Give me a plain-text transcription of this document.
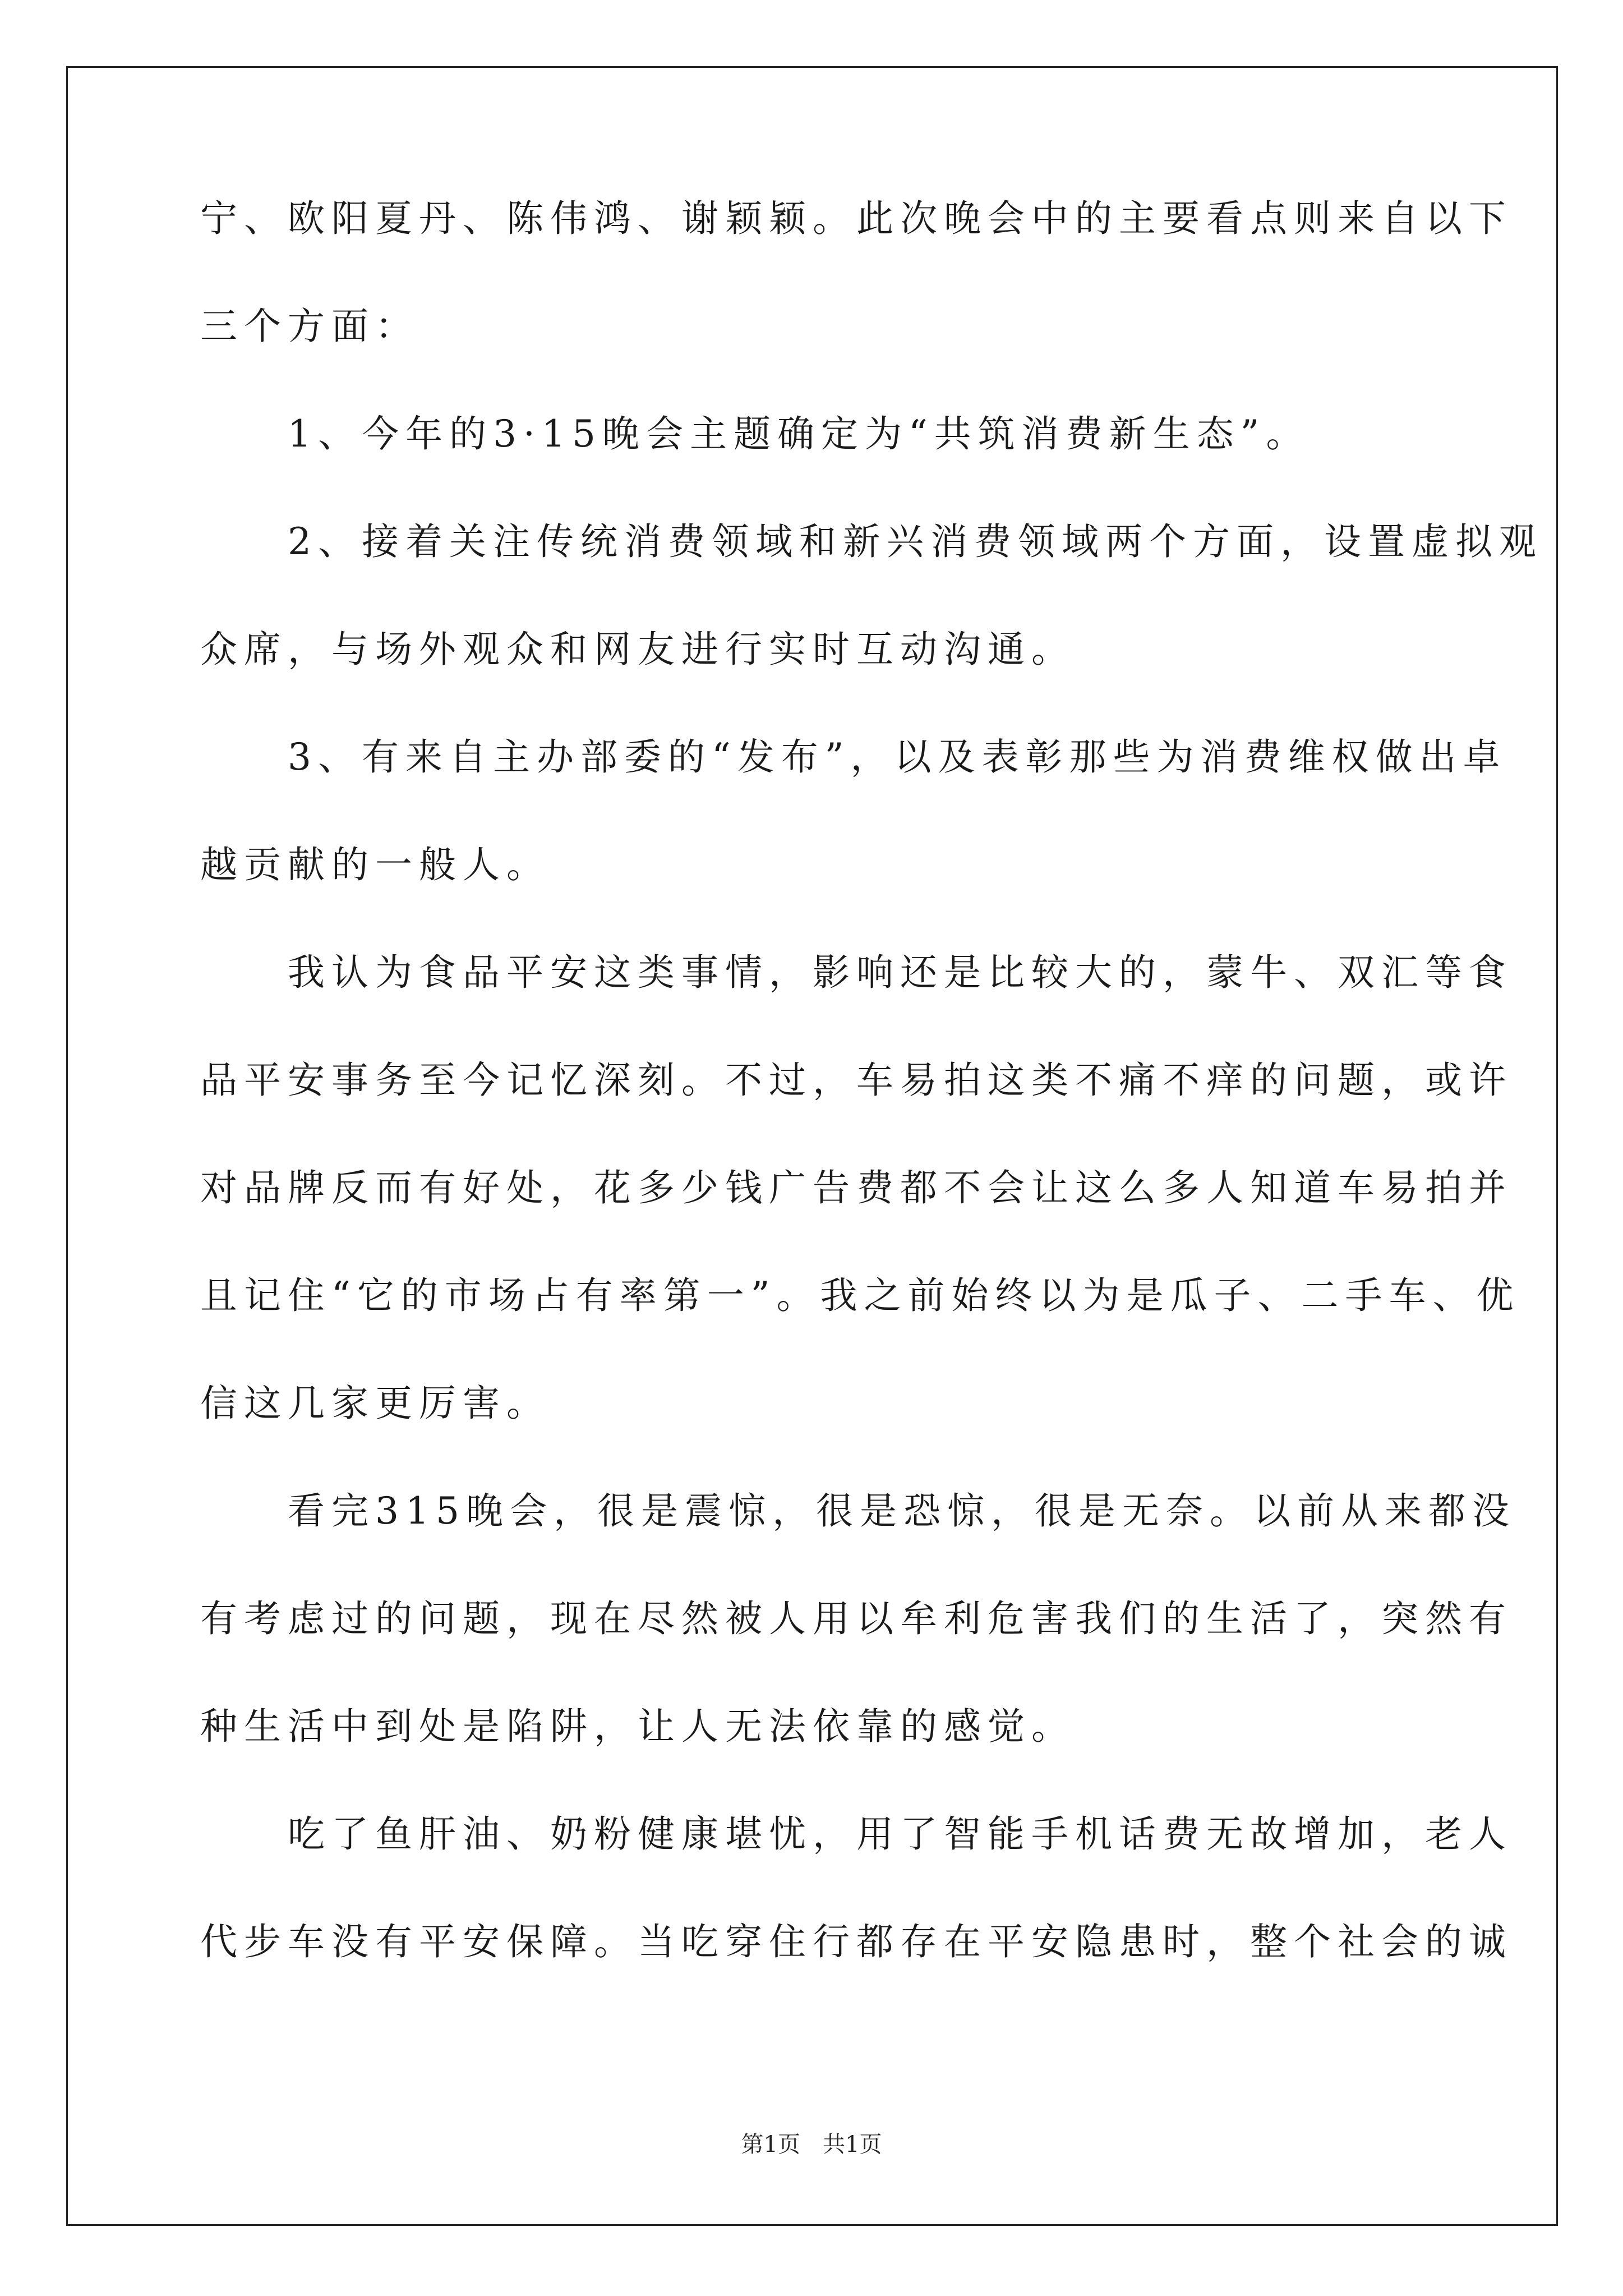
宁、欧阳夏丹、陈伟鸿、谢颖颖。此次晚会中的主要看点则来自以下
三个方面：
　　1、今年的3·15晚会主题确定为“共筑消费新生态”。
　　2、接着关注传统消费领域和新兴消费领域两个方面，设置虚拟观
众席，与场外观众和网友进行实时互动沟通。
　　3、有来自主办部委的“发布”，以及表彰那些为消费维权做出卓
越贡献的一般人。
　　我认为食品平安这类事情，影响还是比较大的，蒙牛、双汇等食
品平安事务至今记忆深刻。不过，车易拍这类不痛不痒的问题，或许
对品牌反而有好处，花多少钱广告费都不会让这么多人知道车易拍并
且记住“它的市场占有率第一”。我之前始终以为是瓜子、二手车、优
信这几家更厉害。
　　看完315晚会，很是震惊，很是恐惊，很是无奈。以前从来都没
有考虑过的问题，现在尽然被人用以牟利危害我们的生活了，突然有
种生活中到处是陷阱，让人无法依靠的感觉。
　　吃了鱼肝油、奶粉健康堪忧，用了智能手机话费无故增加，老人
代步车没有平安保障。当吃穿住行都存在平安隐患时，整个社会的诚
第1页　共1页
